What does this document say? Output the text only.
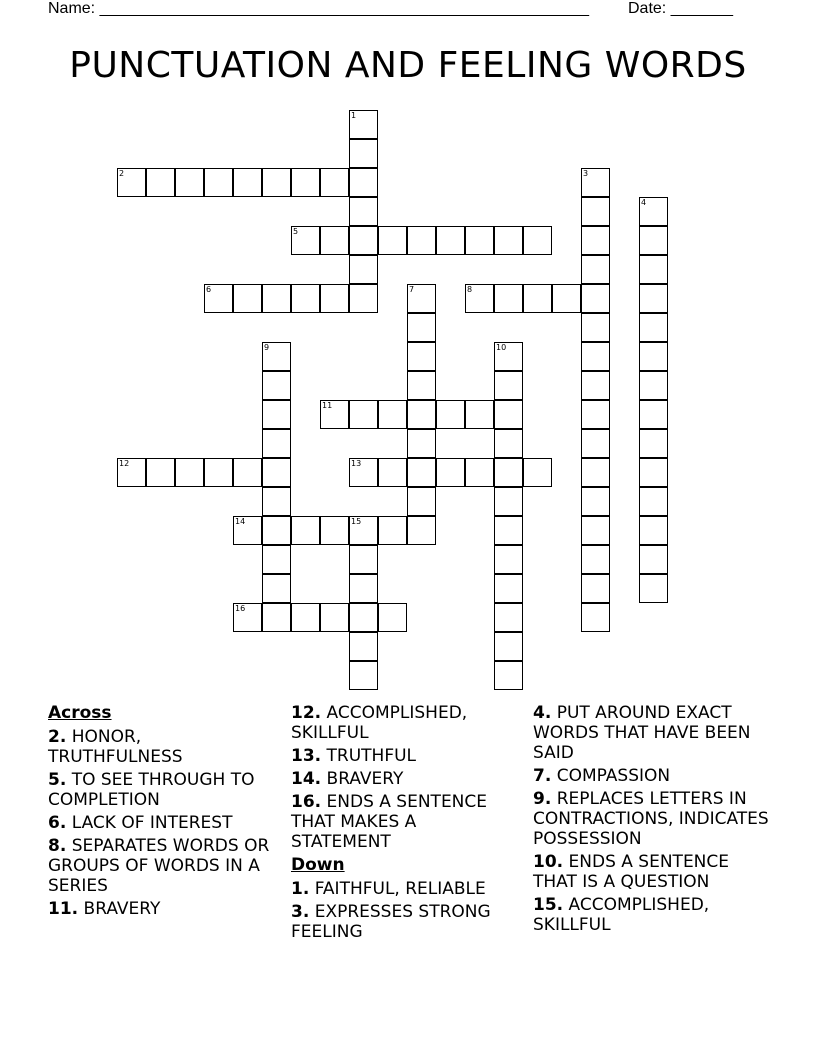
Name: _______________________________________________________ Date: _______
PUNCTUATION AND FEELING WORDS
1
2	3
4
5
6	7	8
9	10
11
12	13
14	15
16
Across
2. HONOR, TRUTHFULNESS
5. TO SEE THROUGH TO COMPLETION
6. LACK OF INTEREST
8. SEPARATES WORDS OR GROUPS OF WORDS IN A SERIES
11. BRAVERY
12. ACCOMPLISHED, SKILLFUL
13. TRUTHFUL
14. BRAVERY
16. ENDS A SENTENCE THAT MAKES A STATEMENT
Down
1. FAITHFUL, RELIABLE
3. EXPRESSES STRONG FEELING
4. PUT AROUND EXACT WORDS THAT HAVE BEEN SAID
7. COMPASSION
9. REPLACES LETTERS IN CONTRACTIONS, INDICATES POSSESSION
10. ENDS A SENTENCE THAT IS A QUESTION
15. ACCOMPLISHED, SKILLFUL
